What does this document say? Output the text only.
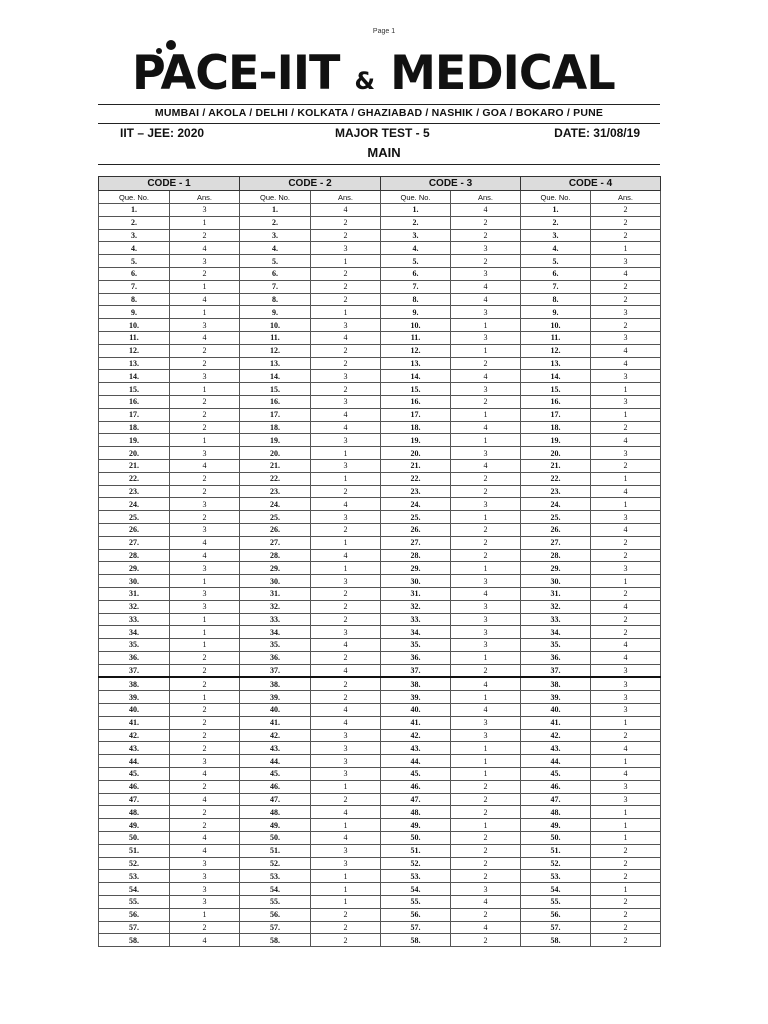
Page 1
PACE-IIT & MEDICAL
MUMBAI / AKOLA / DELHI / KOLKATA / GHAZIABAD / NASHIK / GOA / BOKARO / PUNE
IIT – JEE: 2020	MAJOR TEST - 5	DATE: 31/08/19
MAIN
CODE - 1		CODE - 2		CODE - 3		CODE - 4	
Que. No.	Ans.	Que. No.	Ans.	Que. No.	Ans.	Que. No.	Ans.
1.	3	1.	4	1.	4	1.	2
2.	1	2.	2	2.	2	2.	2
3.	2	3.	2	3.	2	3.	2
4.	4	4.	3	4.	3	4.	1
5.	3	5.	1	5.	2	5.	3
6.	2	6.	2	6.	3	6.	4
7.	1	7.	2	7.	4	7.	2
8.	4	8.	2	8.	4	8.	2
9.	1	9.	1	9.	3	9.	3
10.	3	10.	3	10.	1	10.	2
11.	4	11.	4	11.	3	11.	3
12.	2	12.	2	12.	1	12.	4
13.	2	13.	2	13.	2	13.	4
14.	3	14.	3	14.	4	14.	3
15.	1	15.	2	15.	3	15.	1
16.	2	16.	3	16.	2	16.	3
17.	2	17.	4	17.	1	17.	1
18.	2	18.	4	18.	4	18.	2
19.	1	19.	3	19.	1	19.	4
20.	3	20.	1	20.	3	20.	3
21.	4	21.	3	21.	4	21.	2
22.	2	22.	1	22.	2	22.	1
23.	2	23.	2	23.	2	23.	4
24.	3	24.	4	24.	3	24.	1
25.	2	25.	3	25.	1	25.	3
26.	3	26.	2	26.	2	26.	4
27.	4	27.	1	27.	2	27.	2
28.	4	28.	4	28.	2	28.	2
29.	3	29.	1	29.	1	29.	3
30.	1	30.	3	30.	3	30.	1
31.	3	31.	2	31.	4	31.	2
32.	3	32.	2	32.	3	32.	4
33.	1	33.	2	33.	3	33.	2
34.	1	34.	3	34.	3	34.	2
35.	1	35.	4	35.	3	35.	4
36.	2	36.	2	36.	1	36.	4
37.	2	37.	4	37.	2	37.	3
38.	2	38.	2	38.	4	38.	3
39.	1	39.	2	39.	1	39.	3
40.	2	40.	4	40.	4	40.	3
41.	2	41.	4	41.	3	41.	1
42.	2	42.	3	42.	3	42.	2
43.	2	43.	3	43.	1	43.	4
44.	3	44.	3	44.	1	44.	1
45.	4	45.	3	45.	1	45.	4
46.	2	46.	1	46.	2	46.	3
47.	4	47.	2	47.	2	47.	3
48.	2	48.	4	48.	2	48.	1
49.	2	49.	1	49.	1	49.	1
50.	4	50.	4	50.	2	50.	1
51.	4	51.	3	51.	2	51.	2
52.	3	52.	3	52.	2	52.	2
53.	3	53.	1	53.	2	53.	2
54.	3	54.	1	54.	3	54.	1
55.	3	55.	1	55.	4	55.	2
56.	1	56.	2	56.	2	56.	2
57.	2	57.	2	57.	4	57.	2
58.	4	58.	2	58.	2	58.	2
